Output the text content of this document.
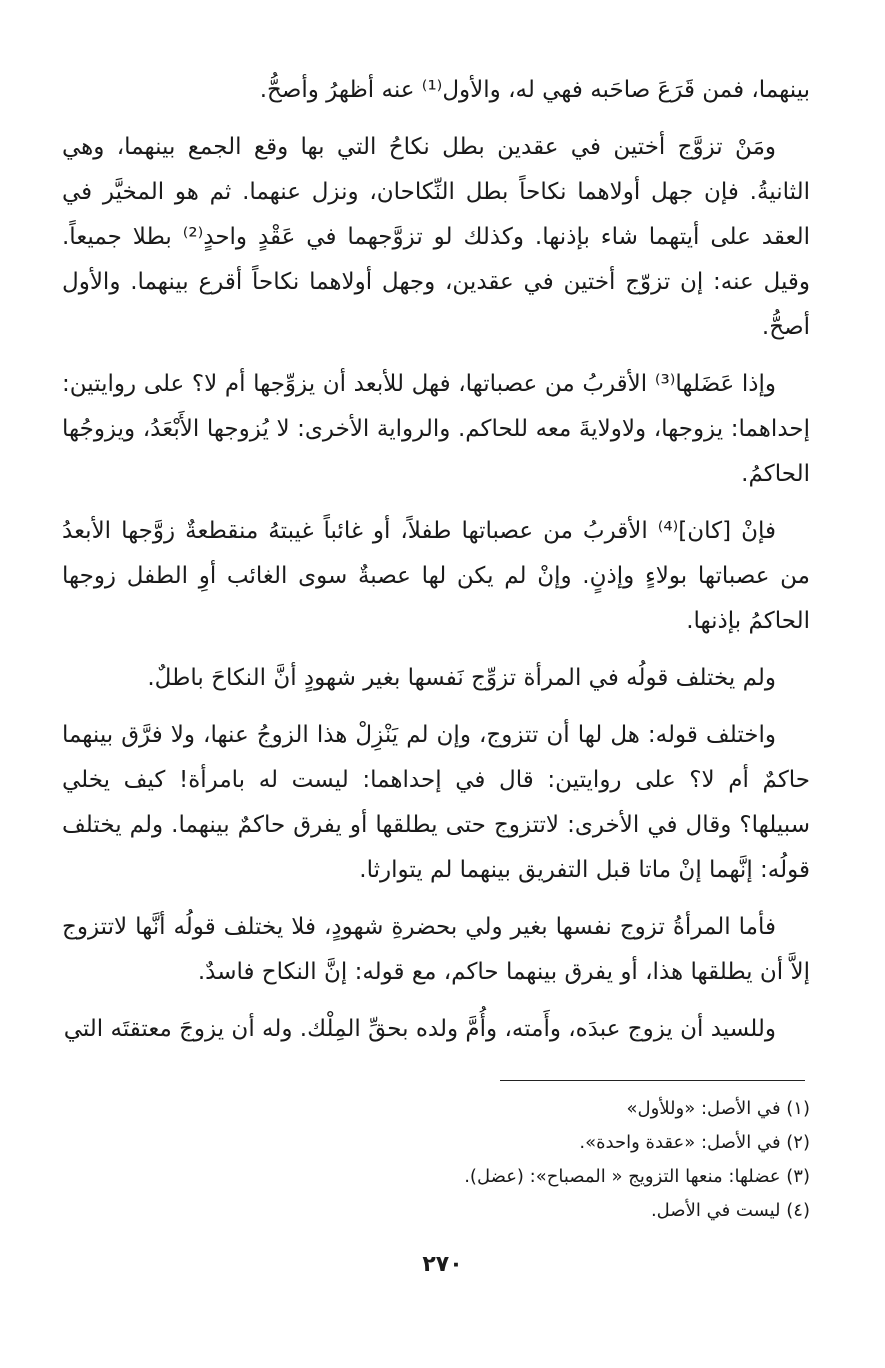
بينهما، فمن قَرَعَ صاحَبه فهي له، والأول⁽¹⁾ عنه أظهرُ وأصحُّ.

ومَنْ تزوَّج أختين في عقدين بطل نكاحُ التي بها وقع الجمع بينهما، وهي الثانيةُ. فإن جهل أولاهما نكاحاً بطل النِّكاحان، ونزل عنهما. ثم هو المخيَّر في العقد على أيتهما شاء بإذنها. وكذلك لو تزوَّجهما في عَقْدٍ واحدٍ⁽²⁾ بطلا جميعاً. وقيل عنه: إن تزوّج أختين في عقدين، وجهل أولاهما نكاحاً أقرع بينهما. والأول أصحُّ.

وإذا عَضَلها⁽³⁾ الأقربُ من عصباتها، فهل للأبعد أن يزوِّجها أم لا؟ على روايتين: إحداهما: يزوجها، ولاولايةَ معه للحاكم. والرواية الأخرى: لا يُزوجها الأَبْعَدُ، ويزوجُها الحاكمُ.

فإنْ [كان]⁽⁴⁾ الأقربُ من عصباتها طفلاً، أو غائباً غيبتهُ منقطعةٌ زوَّجها الأبعدُ من عصباتها بولاءٍ وإذنٍ. وإنْ لم يكن لها عصبةٌ سوى الغائب أوِ الطفل زوجها الحاكمُ بإذنها.

ولم يختلف قولُه في المرأة تزوِّج نَفسها بغير شهودٍ أنَّ النكاحَ باطلٌ.

واختلف قوله: هل لها أن تتزوج، وإن لم يَنْزِلْ هذا الزوجُ عنها، ولا فرَّق بينهما حاكمٌ أم لا؟ على روايتين: قال في إحداهما: ليست له بامرأة! كيف يخلي سبيلها؟ وقال في الأخرى: لاتتزوج حتى يطلقها أو يفرق حاكمٌ بينهما. ولم يختلف قولُه: إنَّهما إنْ ماتا قبل التفريق بينهما لم يتوارثا.

فأما المرأةُ تزوج نفسها بغير ولي بحضرةِ شهودٍ، فلا يختلف قولُه أنَّها لاتتزوج إلاَّ أن يطلقها هذا، أو يفرق بينهما حاكم، مع قوله: إنَّ النكاح فاسدٌ.

وللسيد أن يزوج عبدَه، وأَمته، وأُمَّ ولده بحقِّ المِلْك. وله أن يزوجَ معتقتَه التي

(١) في الأصل: «وللأول»

(٢) في الأصل: «عقدة واحدة».

(٣) عضلها: منعها التزويج « المصباح»: (عضل).

(٤) ليست في الأصل.

٢٧٠
